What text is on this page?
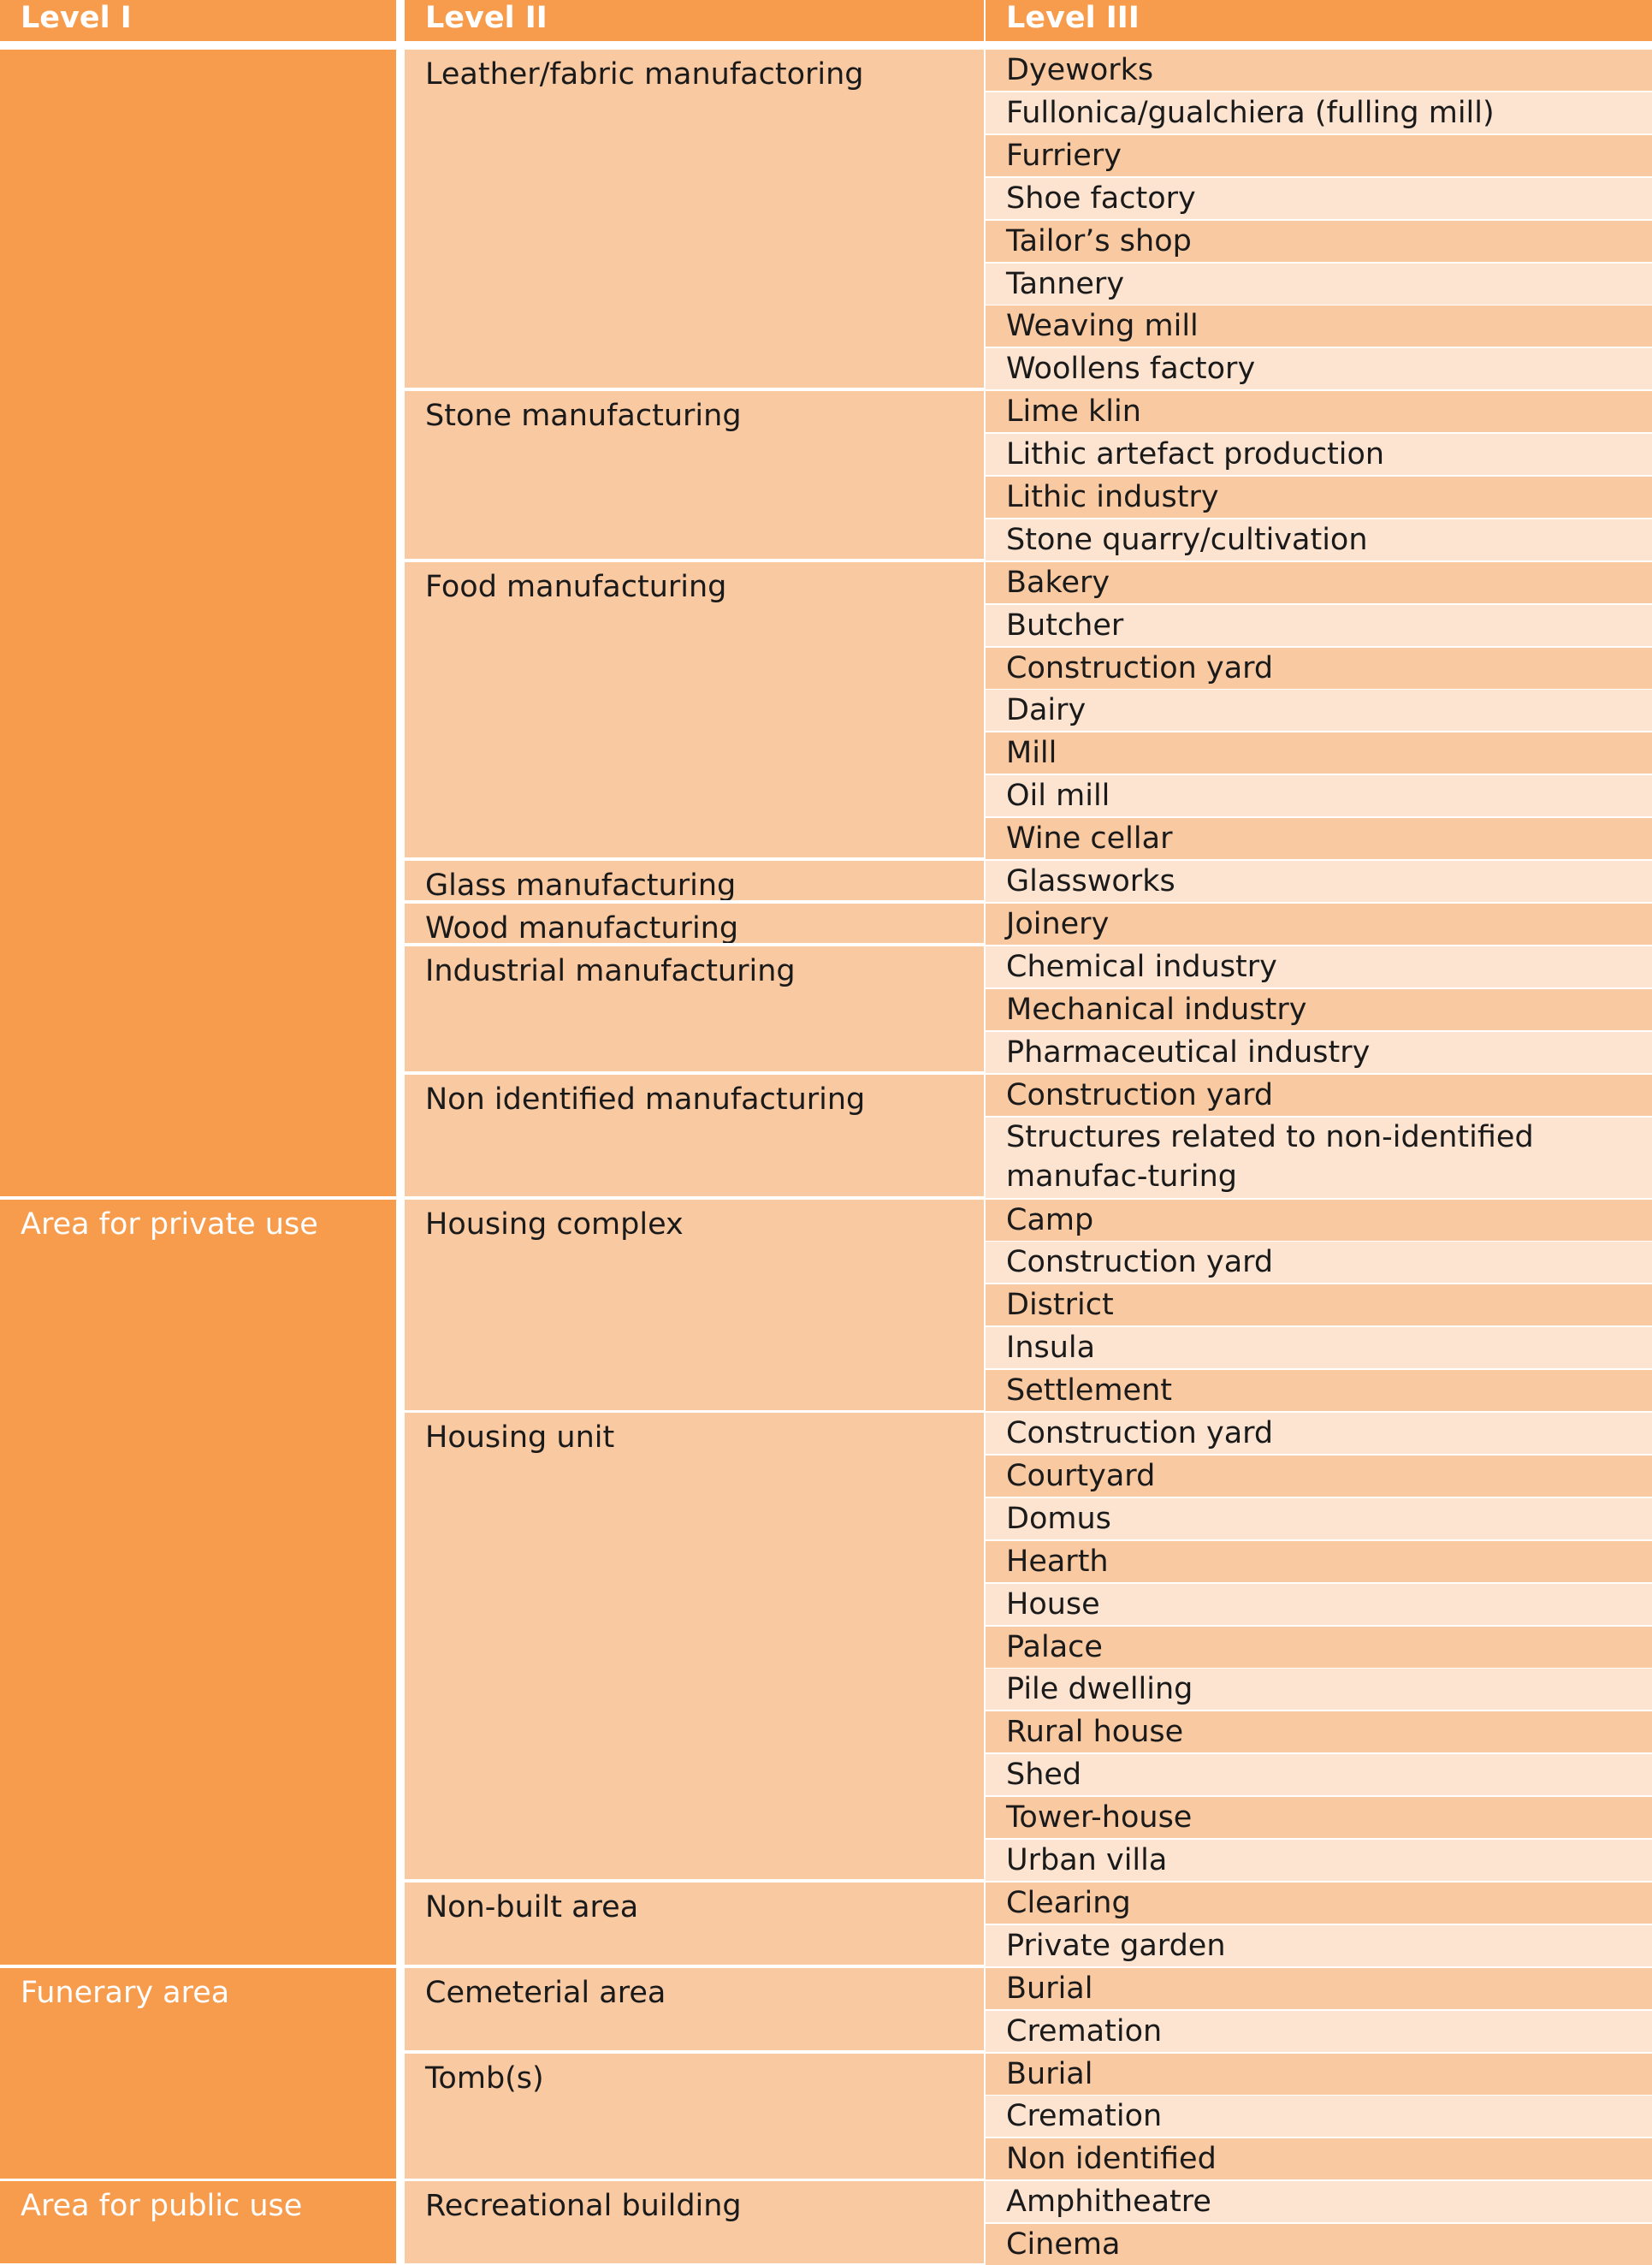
Level I	Level II	Level III
Dyeworks
Fullonica/gualchiera (fulling mill)
Furriery
Shoe factory
Tailor’s shop
Tannery
Weaving mill
Woollens factory
Leather/fabric manufactoring
Lime klin
Lithic artefact production
Lithic industry
Stone quarry/cultivation
Stone manufacturing
Bakery
Butcher
Construction yard
Dairy
Mill
Oil mill
Wine cellar
Food manufacturing
Glassworks
Glass manufacturing
Joinery
Wood manufacturing
Chemical industry
Mechanical industry
Pharmaceutical industry
Industrial manufacturing
Construction yard
Structures related to non-identified manufac-turing
Non identified manufacturing
Camp
Construction yard
District
Insula
Settlement
Housing complex
Construction yard
Courtyard
Domus
Hearth
House
Palace
Pile dwelling
Rural house
Shed
Tower-house
Urban villa
Housing unit
Clearing
Private garden
Non-built area
Area for private use
Burial
Cremation
Cemeterial area
Burial
Cremation
Non identified
Tomb(s)
Funerary area
Amphitheatre
Cinema
Recreational building
Area for public use
